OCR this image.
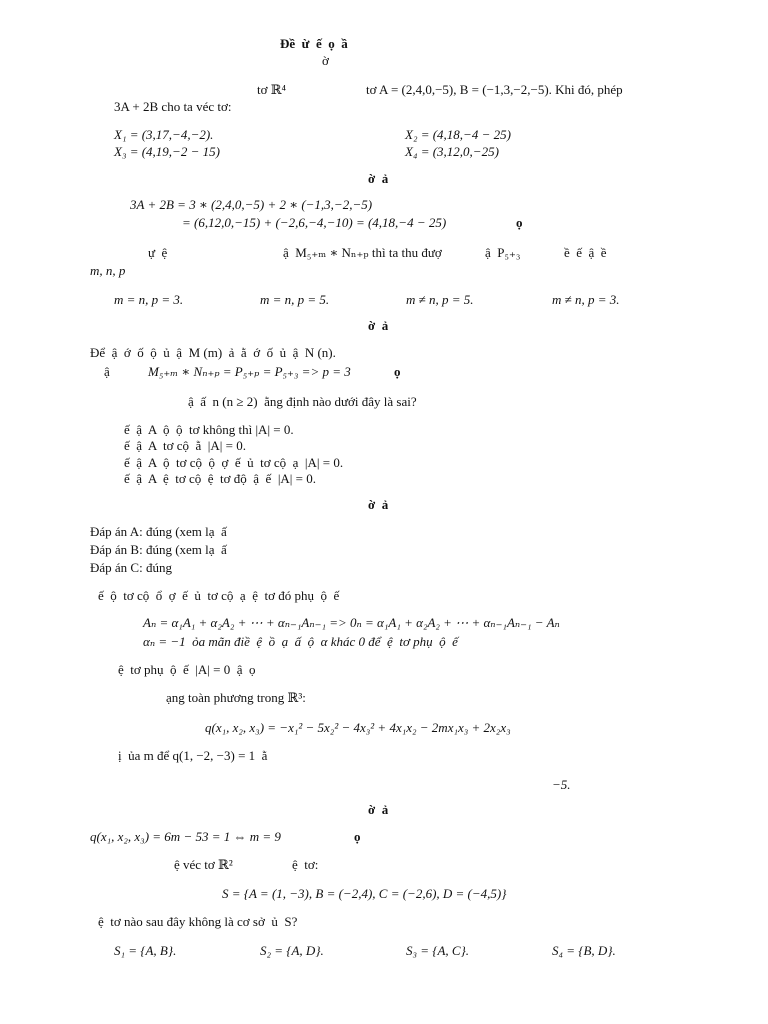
Đề  ừ  ế  ọ  ầ
ờ
tơ ℝ⁴	tơ A = (2,4,0,−5), B = (−1,3,−2,−5). Khi đó, phép
3A + 2B cho ta véc tơ:
X₁ = (3,17,−4,−2).	X₂ = (4,18,−4 − 25)
X₃ = (4,19,−2 − 15)	X₄ = (3,12,0,−25)
ờ  ả
3A + 2B = 3 ∗ (2,4,0,−5) + 2 ∗ (−1,3,−2,−5)
= (6,12,0,−15) + (−2,6,−4,−10) = (4,18,−4 − 25)	ọ
ự  ệ	ậ  M₅₊ₘ ∗ Nₙ₊ₚ thì ta thu đượ	ậ  P₅₊₃	ề  ế  ậ  ề
m, n, p
m = n, p = 3.	m = n, p = 5.	m ≠ n, p = 5.	m ≠ n, p = 3.
ờ  ả
Để  ậ  ớ  ố  ộ  ủ  ậ  M (m)  ả  ằ  ớ  ố  ủ  ậ  N (n).
ậ	M₅₊ₘ ∗ Nₙ₊ₚ = P₅₊ₚ = P₅₊₃ => p = 3	ọ
ậ  ấ  n (n ≥ 2)  ằng định nào dưới đây là sai?
ế  ậ  A  ộ  ộ  tơ không thì |A| = 0.
ế  ậ  A  tơ cộ  ằ  |A| = 0.
ế  ậ  A  ộ  tơ cộ  ộ  ợ  ế  ủ  tơ cộ  ạ  |A| = 0.
ế  ậ  A  ệ  tơ cộ  ệ  tơ độ  ậ  ế  |A| = 0.
ờ  ả
Đáp án A: đúng (xem lạ  ấ
Đáp án B: đúng (xem lạ  ấ
Đáp án C: đúng
ế  ộ  tơ cộ  ổ  ợ  ế  ủ  tơ cộ  ạ  ệ  tơ đó phụ  ộ  ế
Aₙ = α₁A₁ + α₂A₂ + ⋯ + αₙ₋₁Aₙ₋₁ => 0ₙ = α₁A₁ + α₂A₂ + ⋯ + αₙ₋₁Aₙ₋₁ − Aₙ
αₙ = −1  ỏa mãn điề  ệ  ồ  ạ  ấ  ộ  α khác 0 để  ệ  tơ phụ  ộ  ế
ệ  tơ phụ  ộ  ế  |A| = 0  ậ  ọ
ạng toàn phương trong ℝ³:
q(x₁, x₂, x₃) = −x₁² − 5x₂² − 4x₃² + 4x₁x₂ − 2mx₁x₃ + 2x₂x₃
ị  ủa m để q(1, −2, −3) = 1  ằ
−5.
ờ  ả
q(x₁, x₂, x₃) = 6m − 53 = 1 ⇔ m = 9	ọ
ệ véc tơ ℝ²	ệ  tơ:
S = {A = (1, −3), B = (−2,4), C = (−2,6), D = (−4,5)}
ệ  tơ nào sau đây không là cơ sở  ủ  S?
S₁ = {A, B}.	S₂ = {A, D}.	S₃ = {A, C}.	S₄ = {B, D}.
